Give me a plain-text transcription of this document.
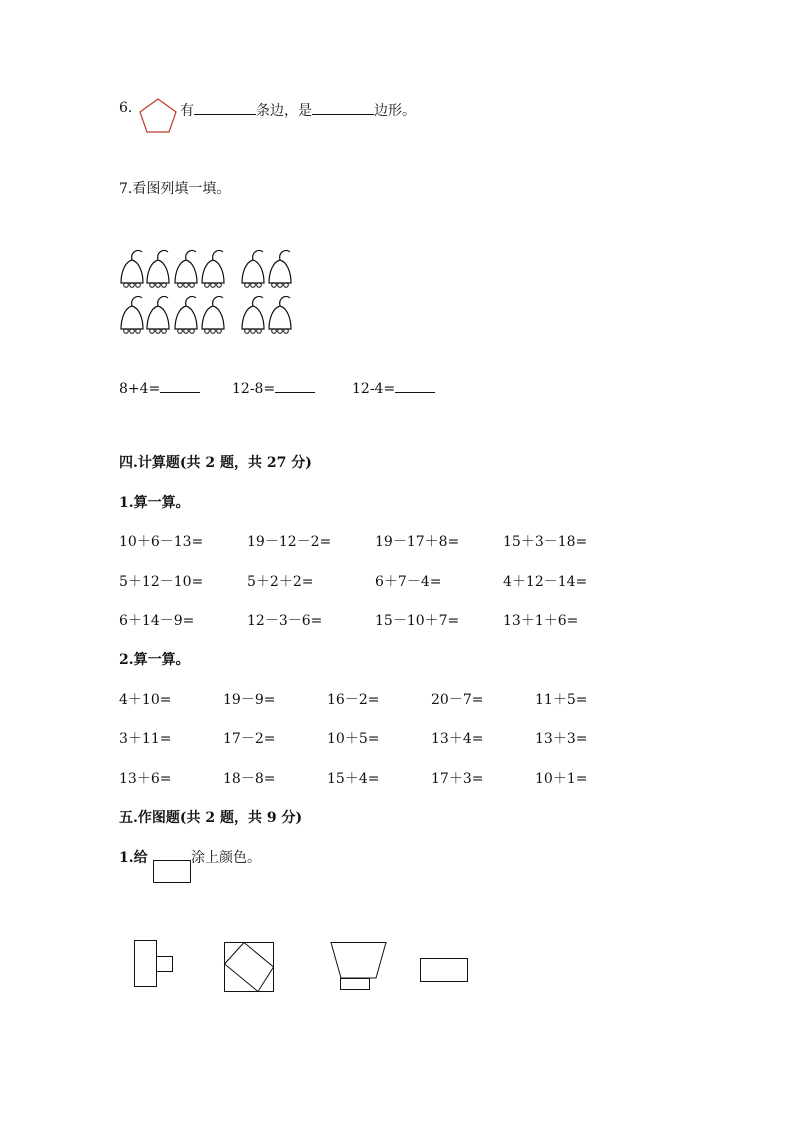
6.	有	条边，是	边形。
7.看图列填一填。
8+4=	12-8=	12-4=
四.计算题(共 2 题，共 27 分)
1.算一算。
10＋6－13=	19－12－2=	19－17＋8=	15＋3－18=
5＋12－10=	5＋2＋2=	6＋7－4=	4＋12－14=
6＋14－9=	12－3－6=	15－10＋7=	13＋1＋6=
2.算一算。
4＋10=	19－9=	16－2=	20－7=	11＋5=
3＋11=	17－2=	10＋5=	13＋4=	13＋3=
13＋6=	18－8=	15＋4=	17＋3=	10＋1=
五.作图题(共 2 题，共 9 分)
1.给	涂上颜色。
